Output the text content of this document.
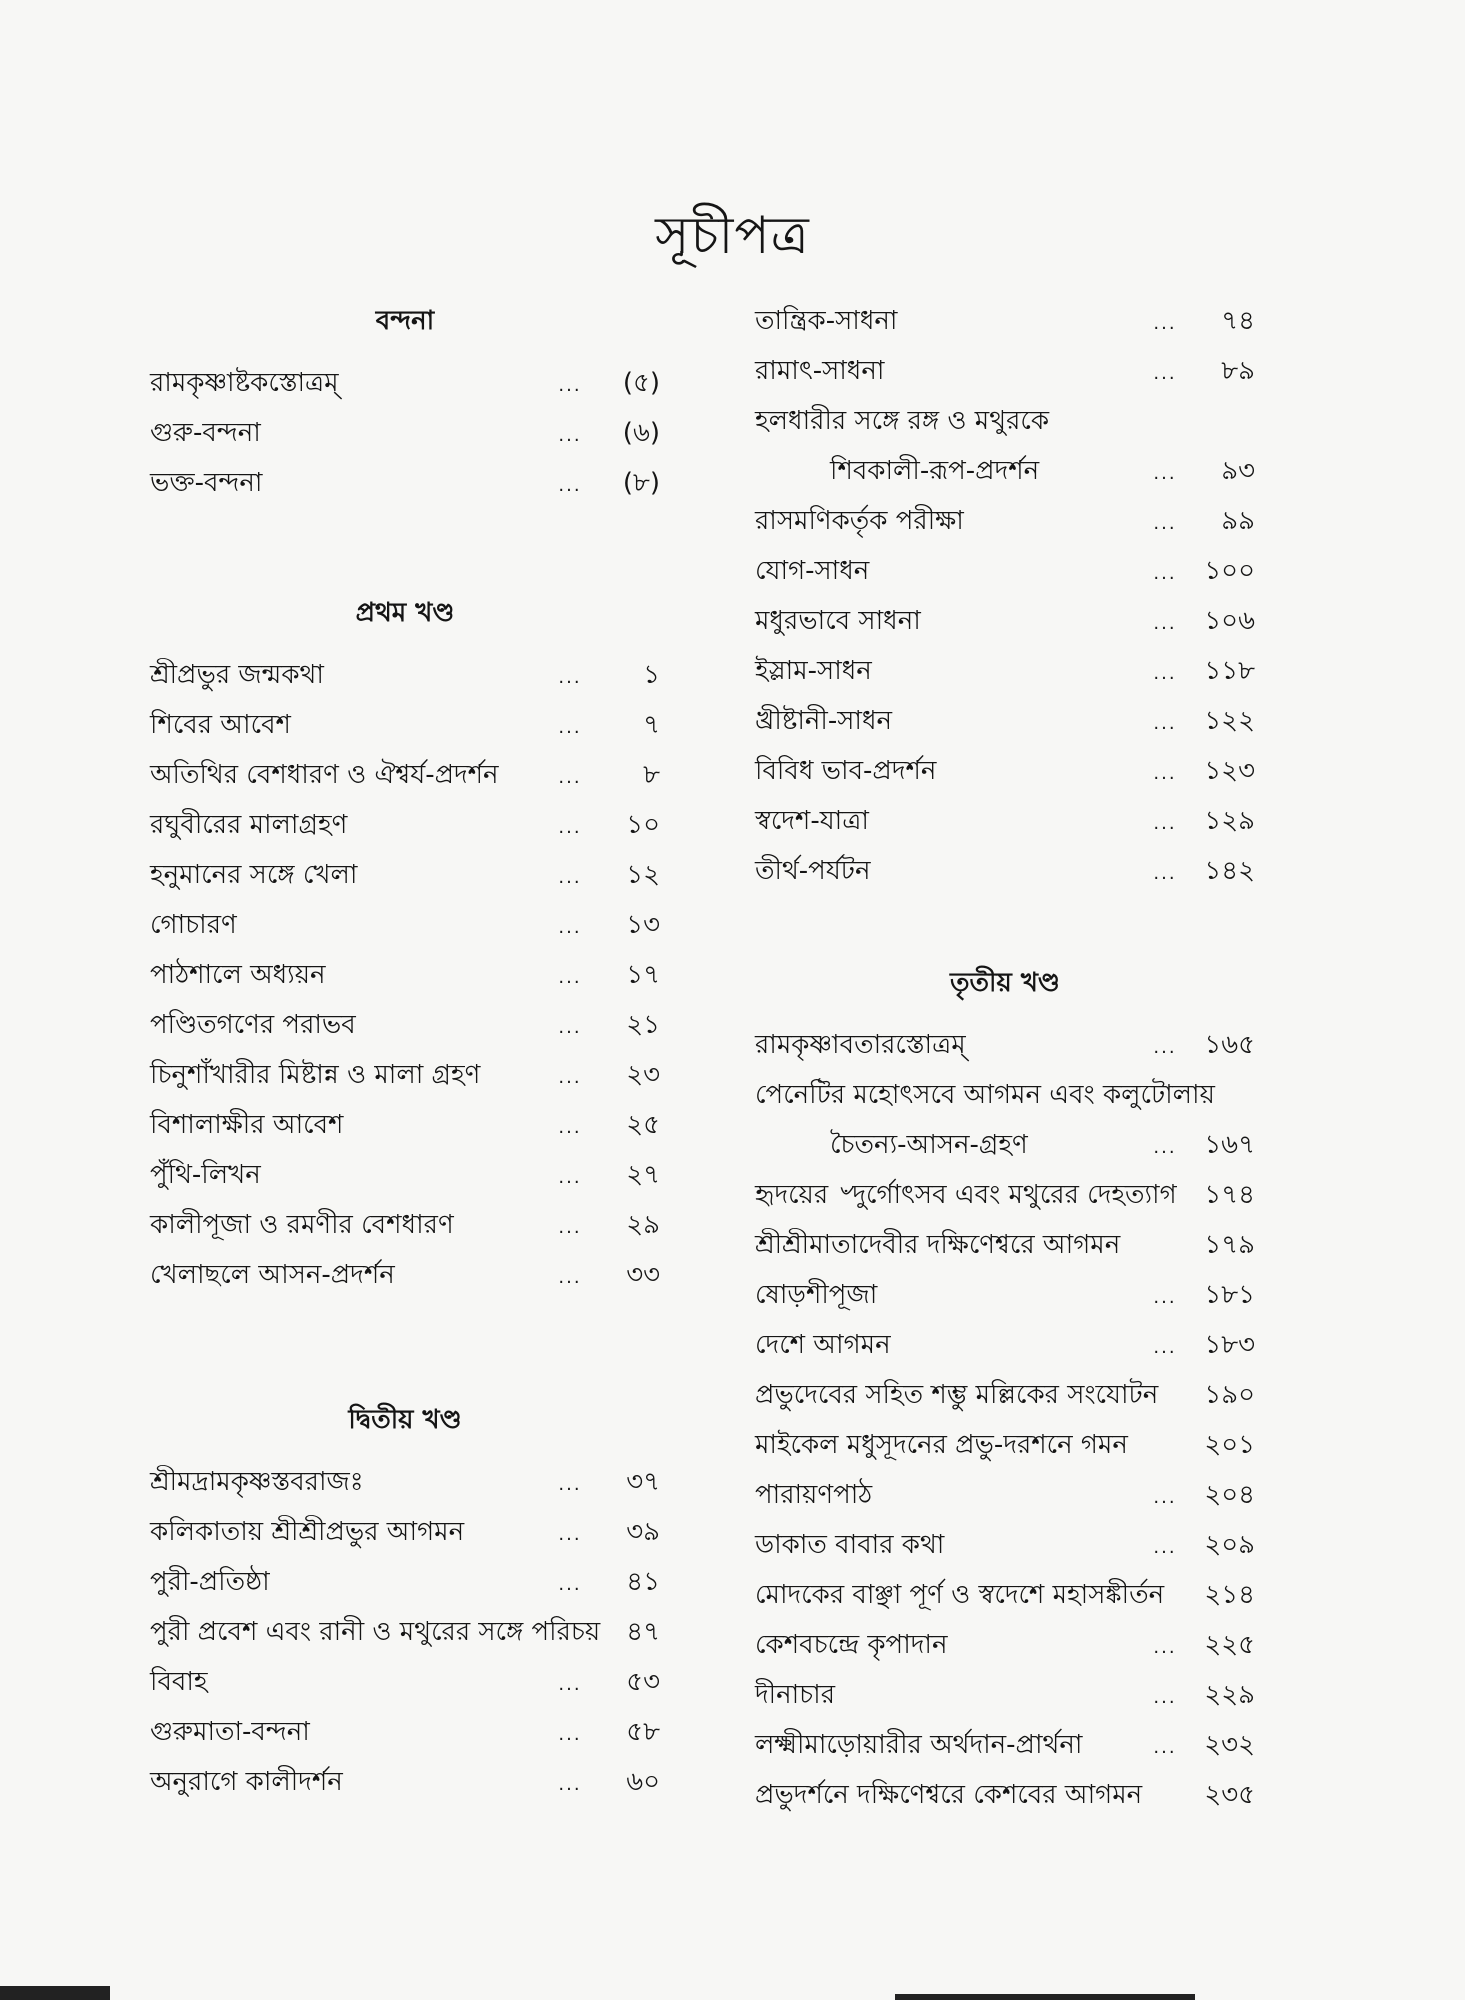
সূচীপত্র
বন্দনা
রামকৃষ্ণাষ্টকস্তোত্রম্	...	(৫)
গুরু-বন্দনা	...	(৬)
ভক্ত-বন্দনা	...	(৮)
প্রথম খণ্ড
শ্রীপ্রভুর জন্মকথা	...	১
শিবের আবেশ	...	৭
অতিথির বেশধারণ ও ঐশ্বর্য-প্রদর্শন	...	৮
রঘুবীরের মালাগ্রহণ	...	১০
হনুমানের সঙ্গে খেলা	...	১২
গোচারণ	...	১৩
পাঠশালে অধ্যয়ন	...	১৭
পণ্ডিতগণের পরাভব	...	২১
চিনুশাঁখারীর মিষ্টান্ন ও মালা গ্রহণ	...	২৩
বিশালাক্ষীর আবেশ	...	২৫
পুঁথি-লিখন	...	২৭
কালীপূজা ও রমণীর বেশধারণ	...	২৯
খেলাছলে আসন-প্রদর্শন	...	৩৩
দ্বিতীয় খণ্ড
শ্রীমদ্রামকৃষ্ণস্তবরাজঃ	...	৩৭
কলিকাতায় শ্রীশ্রীপ্রভুর আগমন	...	৩৯
পুরী-প্রতিষ্ঠা	...	৪১
পুরী প্রবেশ এবং রানী ও মথুরের সঙ্গে পরিচয় ৪৭
বিবাহ	...	৫৩
গুরুমাতা-বন্দনা	...	৫৮
অনুরাগে কালীদর্শন	...	৬০
তান্ত্রিক-সাধনা	...	৭৪
রামাৎ-সাধনা	...	৮৯
হলধারীর সঙ্গে রঙ্গ ও মথুরকে
শিবকালী-রূপ-প্রদর্শন	...	৯৩
রাসমণিকর্তৃক পরীক্ষা	...	৯৯
যোগ-সাধন	...	১০০
মধুরভাবে সাধনা	...	১০৬
ইস্লাম-সাধন	...	১১৮
খ্রীষ্টানী-সাধন	...	১২২
বিবিধ ভাব-প্রদর্শন	...	১২৩
স্বদেশ-যাত্রা	...	১২৯
তীর্থ-পর্যটন	...	১৪২
তৃতীয় খণ্ড
রামকৃষ্ণাবতারস্তোত্রম্	...	১৬৫
পেনেটির মহোৎসবে আগমন এবং কলুটোলায়
চৈতন্য-আসন-গ্রহণ	...	১৬৭
হৃদয়ের ৺দুর্গোৎসব এবং মথুরের দেহত্যাগ	১৭৪
শ্রীশ্রীমাতাদেবীর দক্ষিণেশ্বরে আগমন	১৭৯
ষোড়শীপূজা	...	১৮১
দেশে আগমন	...	১৮৩
প্রভুদেবের সহিত শম্ভু মল্লিকের সংযোটন	১৯০
মাইকেল মধুসূদনের প্রভু-দরশনে গমন	২০১
পারায়ণপাঠ	...	২০৪
ডাকাত বাবার কথা	...	২০৯
মোদকের বাঞ্ছা পূর্ণ ও স্বদেশে মহাসঙ্কীর্তন	২১৪
কেশবচন্দ্রে কৃপাদান	...	২২৫
দীনাচার	...	২২৯
লক্ষ্মীমাড়োয়ারীর অর্থদান-প্রার্থনা	...	২৩২
প্রভুদর্শনে দক্ষিণেশ্বরে কেশবের আগমন	২৩৫
